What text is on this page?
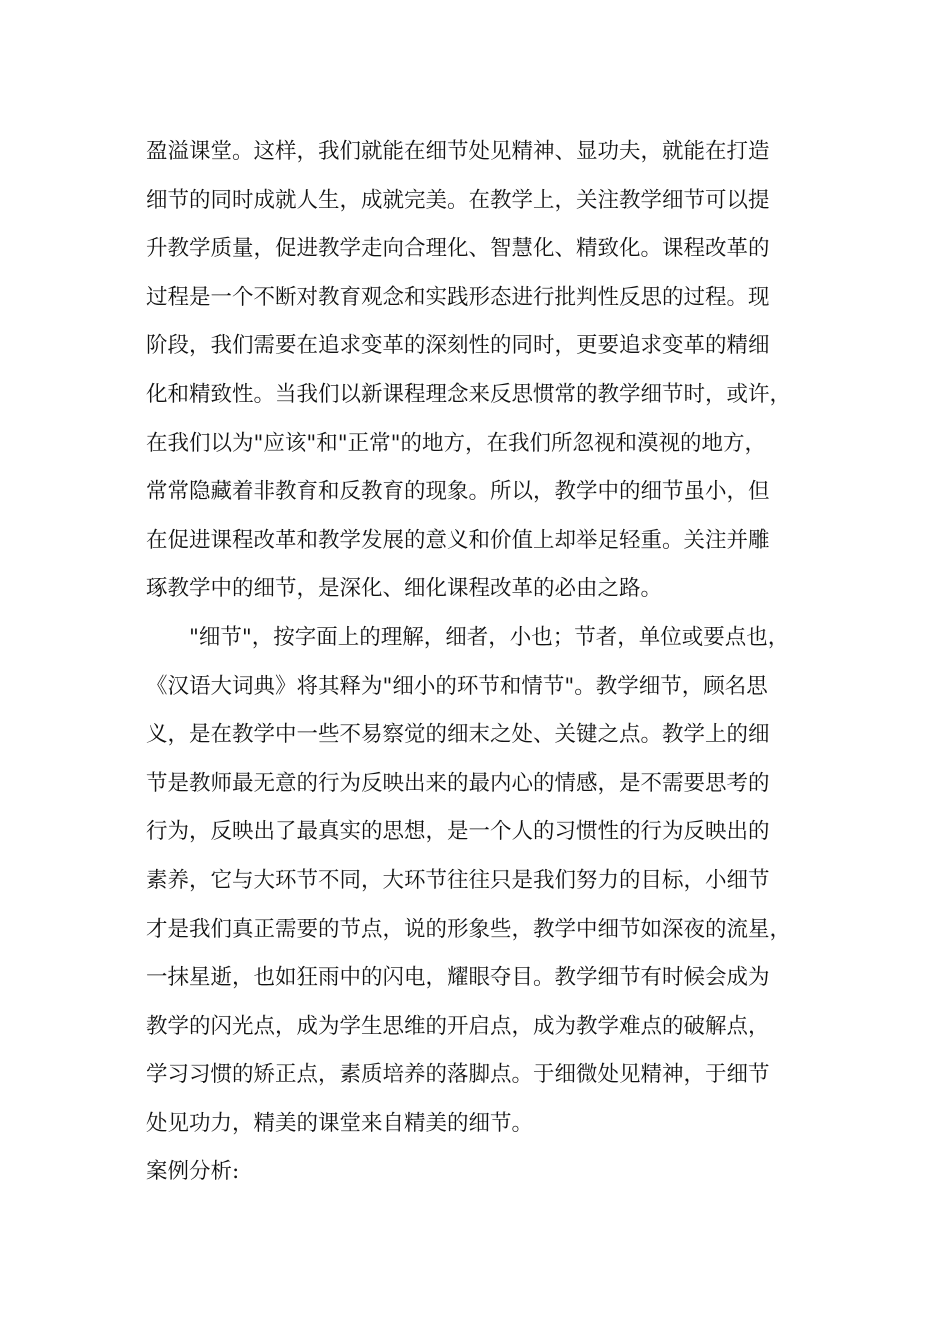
盈溢课堂。这样，我们就能在细节处见精神、显功夫，就能在打造
细节的同时成就人生，成就完美。在教学上，关注教学细节可以提
升教学质量，促进教学走向合理化、智慧化、精致化。课程改革的
过程是一个不断对教育观念和实践形态进行批判性反思的过程。现
阶段，我们需要在追求变革的深刻性的同时，更要追求变革的精细
化和精致性。当我们以新课程理念来反思惯常的教学细节时，或许，
在我们以为"应该"和"正常"的地方，在我们所忽视和漠视的地方，
常常隐藏着非教育和反教育的现象。所以，教学中的细节虽小，但
在促进课程改革和教学发展的意义和价值上却举足轻重。关注并雕
琢教学中的细节，是深化、细化课程改革的必由之路。
"细节"，按字面上的理解，细者，小也；节者，单位或要点也，
《汉语大词典》将其释为"细小的环节和情节"。教学细节，顾名思
义，是在教学中一些不易察觉的细末之处、关键之点。教学上的细
节是教师最无意的行为反映出来的最内心的情感，是不需要思考的
行为，反映出了最真实的思想，是一个人的习惯性的行为反映出的
素养，它与大环节不同，大环节往往只是我们努力的目标，小细节
才是我们真正需要的节点，说的形象些，教学中细节如深夜的流星，
一抹星逝，也如狂雨中的闪电，耀眼夺目。教学细节有时候会成为
教学的闪光点，成为学生思维的开启点，成为教学难点的破解点，
学习习惯的矫正点，素质培养的落脚点。于细微处见精神，于细节
处见功力，精美的课堂来自精美的细节。
案例分析:
